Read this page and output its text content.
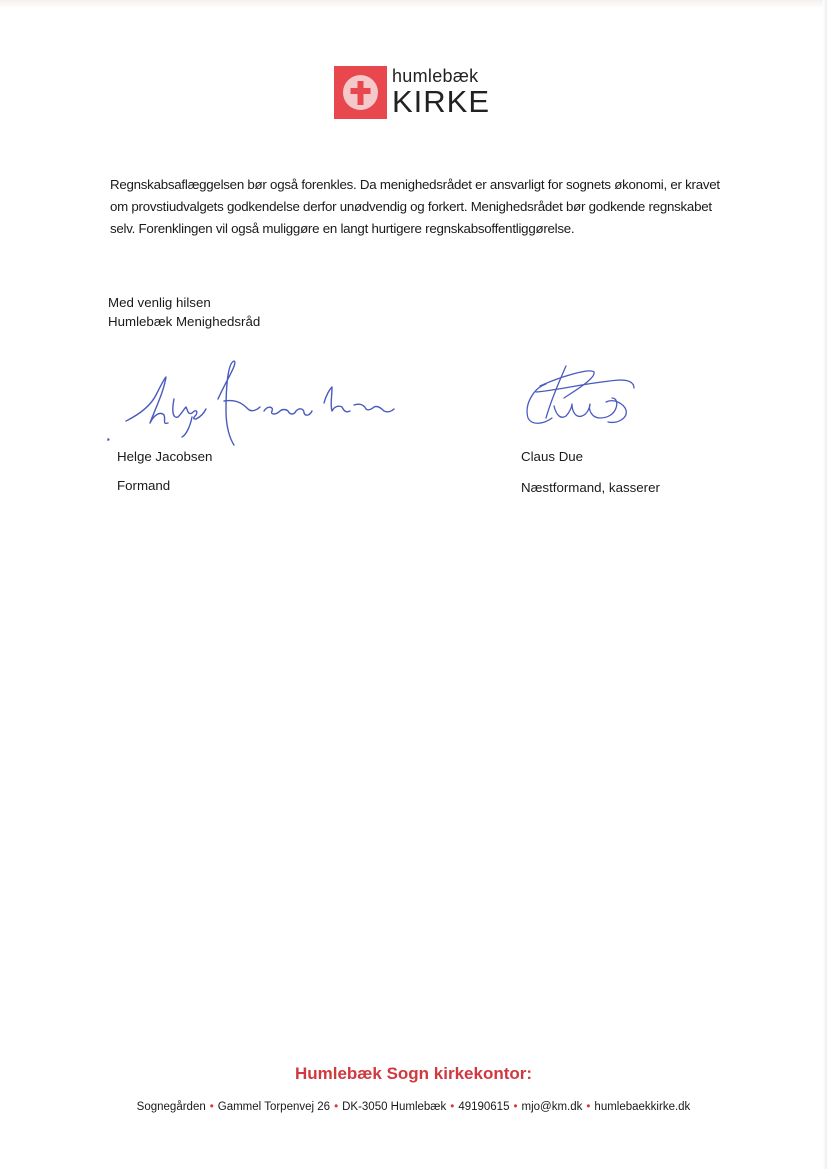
humlebæk
KIRKE
Regnskabsaflæggelsen bør også forenkles. Da menighedsrådet er ansvarligt for sognets økonomi, er kravet om provstiudvalgets godkendelse derfor unødvendig og forkert. Menighedsrådet bør godkende regnskabet selv. Forenklingen vil også muliggøre en langt hurtigere regnskabsoffentliggørelse.
Med venlig hilsen
Humlebæk Menighedsråd
Helge Jacobsen
Formand
Claus Due
Næstformand, kasserer
Humlebæk Sogn kirkekontor:
Sognegården • Gammel Torpenvej 26 • DK-3050 Humlebæk • 49190615 • mjo@km.dk • humlebaekkirke.dk
